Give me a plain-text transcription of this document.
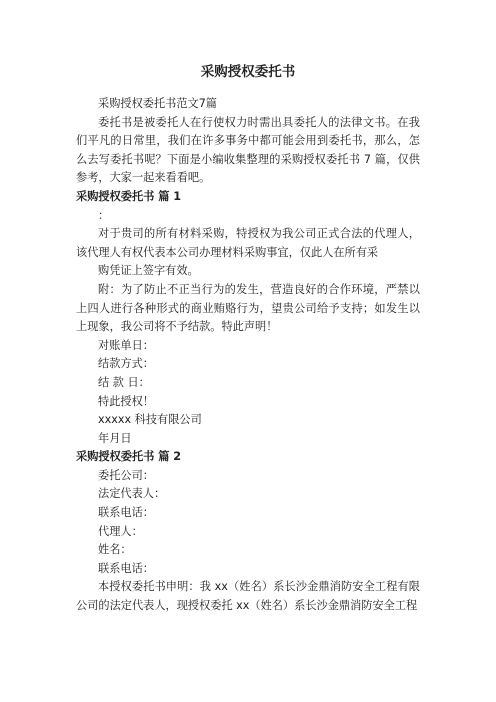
采购授权委托书

采购授权委托书范文7篇

委托书是被委托人在行使权力时需出具委托人的法律文书。在我们平凡的日常里，我们在许多事务中都可能会用到委托书，那么，怎么去写委托书呢？下面是小编收集整理的采购授权委托书 7 篇，仅供参考，大家一起来看看吧。

采购授权委托书 篇 1

：

对于贵司的所有材料采购，特授权为我公司正式合法的代理人，该代理人有权代表本公司办理材料采购事宜，仅此人在所有采

购凭证上签字有效。

附：为了防止不正当行为的发生，营造良好的合作环境，严禁以上四人进行各种形式的商业贿赂行为，望贵公司给予支持；如发生以上现象，我公司将不予结款。特此声明！

对账单日：

结款方式：

结 款 日：

特此授权！

xxxxx 科技有限公司

年月日

采购授权委托书 篇 2

委托公司：

法定代表人：

联系电话：

代理人：

姓名：

联系电话：

本授权委托书申明：我 xx（姓名）系长沙金鼎消防安全工程有限公司的法定代表人，现授权委托 xx（姓名）系长沙金鼎消防安全工程
